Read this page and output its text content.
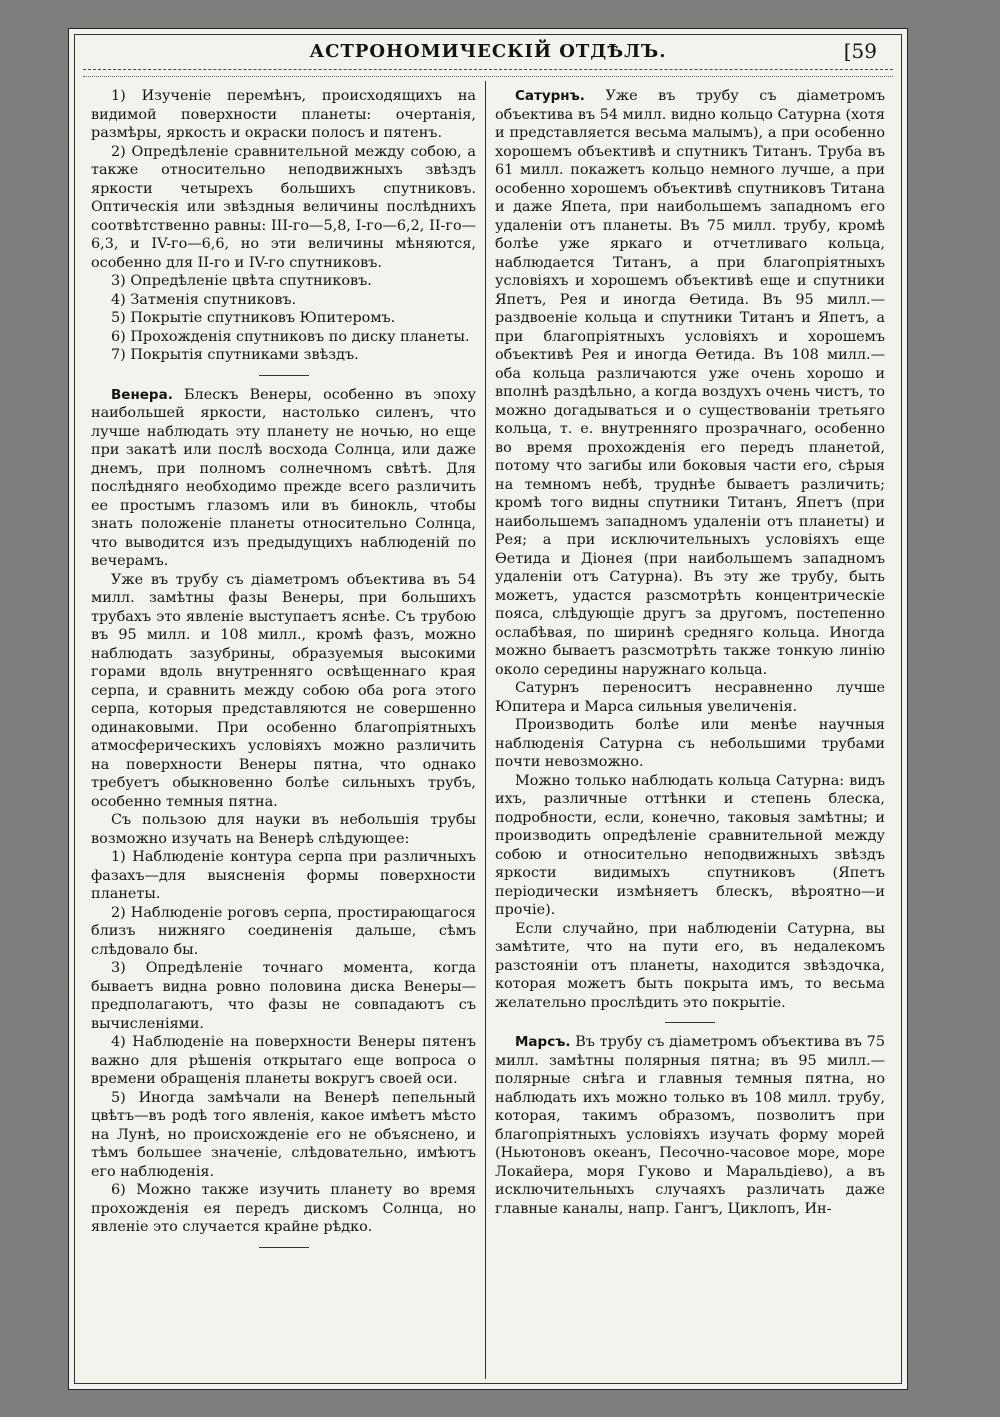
АСТРОНОМИЧЕСКІЙ ОТДѢЛЪ.	[59

1) Изученіе перемѣнъ, происходящихъ на видимой поверхности планеты: очертанія, размѣры, яркость и окраски полосъ и пятенъ.

2) Опредѣленіе сравнительной между собою, а также относительно неподвижныхъ звѣздъ яркости четырехъ большихъ спутниковъ. Оптическія или звѣздныя величины послѣднихъ соотвѣтственно равны: III-го—5,8, I-го—6,2, II-го—6,3, и IV-го—6,6, но эти величины мѣняются, особенно для II-го и IV-го спутниковъ.

3) Опредѣленіе цвѣта спутниковъ.

4) Затменія спутниковъ.

5) Покрытіе спутниковъ Юпитеромъ.

6) Прохожденія спутниковъ по диску планеты.

7) Покрытія спутниками звѣздъ.

Венера. Блескъ Венеры, особенно въ эпоху наибольшей яркости, настолько силенъ, что лучше наблюдать эту планету не ночью, но еще при закатѣ или послѣ восхода Солнца, или даже днемъ, при полномъ солнечномъ свѣтѣ. Для послѣдняго необходимо прежде всего различить ее простымъ глазомъ или въ бинокль, чтобы знать положеніе планеты относительно Солнца, что выводится изъ предыдущихъ наблюденій по вечерамъ.

Уже въ трубу съ діаметромъ объектива въ 54 милл. замѣтны фазы Венеры, при большихъ трубахъ это явленіе выступаетъ яснѣе. Съ трубою въ 95 милл. и 108 милл., кромѣ фазъ, можно наблюдать зазубрины, образуемыя высокими горами вдоль внутренняго освѣщеннаго края серпа, и сравнить между собою оба рога этого серпа, которыя представляются не совершенно одинаковыми. При особенно благопріятныхъ атмосферическихъ условіяхъ можно различить на поверхности Венеры пятна, что однако требуетъ обыкновенно болѣе сильныхъ трубъ, особенно темныя пятна.

Съ пользою для науки въ небольшія трубы возможно изучать на Венерѣ слѣдующее:

1) Наблюденіе контура серпа при различныхъ фазахъ—для выясненія формы поверхности планеты.

2) Наблюденіе роговъ серпа, простирающагося близъ нижняго соединенія дальше, сѣмъ слѣдовало бы.

3) Опредѣленіе точнаго момента, когда бываетъ видна ровно половина диска Венеры—предполагаютъ, что фазы не совпадаютъ съ вычисленіями.

4) Наблюденіе на поверхности Венеры пятенъ важно для рѣшенія открытаго еще вопроса о времени обращенія планеты вокругъ своей оси.

5) Иногда замѣчали на Венерѣ пепельный цвѣтъ—въ родѣ того явленія, какое имѣетъ мѣсто на Лунѣ, но происхожденіе его не объяснено, и тѣмъ большее значеніе, слѣдовательно, имѣютъ его наблюденія.

6) Можно также изучить планету во время прохожденія ея передъ дискомъ Солнца, но явленіе это случается крайне рѣдко.

Сатурнъ. Уже въ трубу съ діаметромъ объектива въ 54 милл. видно кольцо Сатурна (хотя и представляется весьма малымъ), а при особенно хорошемъ объективѣ и спутникъ Титанъ. Труба въ 61 милл. покажетъ кольцо немного лучше, а при особенно хорошемъ объективѣ спутниковъ Титана и даже Япета, при наибольшемъ западномъ его удаленіи отъ планеты. Въ 75 милл. трубу, кромѣ болѣе уже яркаго и отчетливаго кольца, наблюдается Титанъ, а при благопріятныхъ условіяхъ и хорошемъ объективѣ еще и спутники Япетъ, Рея и иногда Ѳетида. Въ 95 милл.—раздвоеніе кольца и спутники Титанъ и Япетъ, а при благопріятныхъ условіяхъ и хорошемъ объективѣ Рея и иногда Ѳетида. Въ 108 милл.—оба кольца различаются уже очень хорошо и вполнѣ раздѣльно, а когда воздухъ очень чистъ, то можно догадываться и о существованіи третьяго кольца, т. е. внутренняго прозрачнаго, особенно во время прохожденія его передъ планетой, потому что загибы или боковыя части его, сѣрыя на темномъ небѣ, труднѣе бываетъ различить; кромѣ того видны спутники Титанъ, Япетъ (при наибольшемъ западномъ удаленіи отъ планеты) и Рея; а при исключительныхъ условіяхъ еще Ѳетида и Діонея (при наибольшемъ западномъ удаленіи отъ Сатурна). Въ эту же трубу, быть можетъ, удастся разсмотрѣть концентрическіе пояса, слѣдующіе другъ за другомъ, постепенно ослабѣвая, по ширинѣ средняго кольца. Иногда можно бываетъ разсмотрѣть также тонкую линію около середины наружнаго кольца.

Сатурнъ переноситъ несравненно лучше Юпитера и Марса сильныя увеличенія.

Производить болѣе или менѣе научныя наблюденія Сатурна съ небольшими трубами почти невозможно.

Можно только наблюдать кольца Сатурна: видъ ихъ, различные оттѣнки и степень блеска, подробности, если, конечно, таковыя замѣтны; и производить опредѣленіе сравнительной между собою и относительно неподвижныхъ звѣздъ яркости видимыхъ спутниковъ (Япетъ періодически измѣняетъ блескъ, вѣроятно—и прочіе).

Если случайно, при наблюденіи Сатурна, вы замѣтите, что на пути его, въ недалекомъ разстояніи отъ планеты, находится звѣздочка, которая можетъ быть покрыта имъ, то весьма желательно прослѣдить это покрытіе.

Марсъ. Въ трубу съ діаметромъ объектива въ 75 милл. замѣтны полярныя пятна; въ 95 милл.—полярные снѣга и главныя темныя пятна, но наблюдать ихъ можно только въ 108 милл. трубу, которая, такимъ образомъ, позволитъ при благопріятныхъ условіяхъ изучать форму морей (Ньютоновъ океанъ, Песочно-часовое море, море Локайера, моря Гуково и Маральдіево), а въ исключительныхъ случаяхъ различать даже главные каналы, напр. Гангъ, Циклопъ, Ин-
